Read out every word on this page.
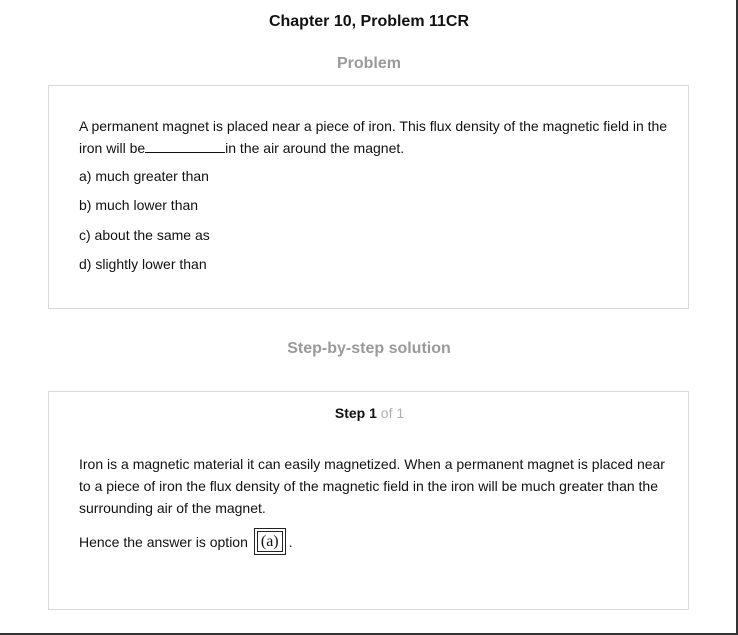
Chapter 10, Problem 11CR
Problem
A permanent magnet is placed near a piece of iron. This flux density of the magnetic field in the iron will be	in the air around the magnet.
a) much greater than
b) much lower than
c) about the same as
d) slightly lower than
Step-by-step solution
Step 1 of 1
Iron is a magnetic material it can easily magnetized. When a permanent magnet is placed near to a piece of iron the flux density of the magnetic field in the iron will be much greater than the surrounding air of the magnet.
Hence the answer is option (a) .
